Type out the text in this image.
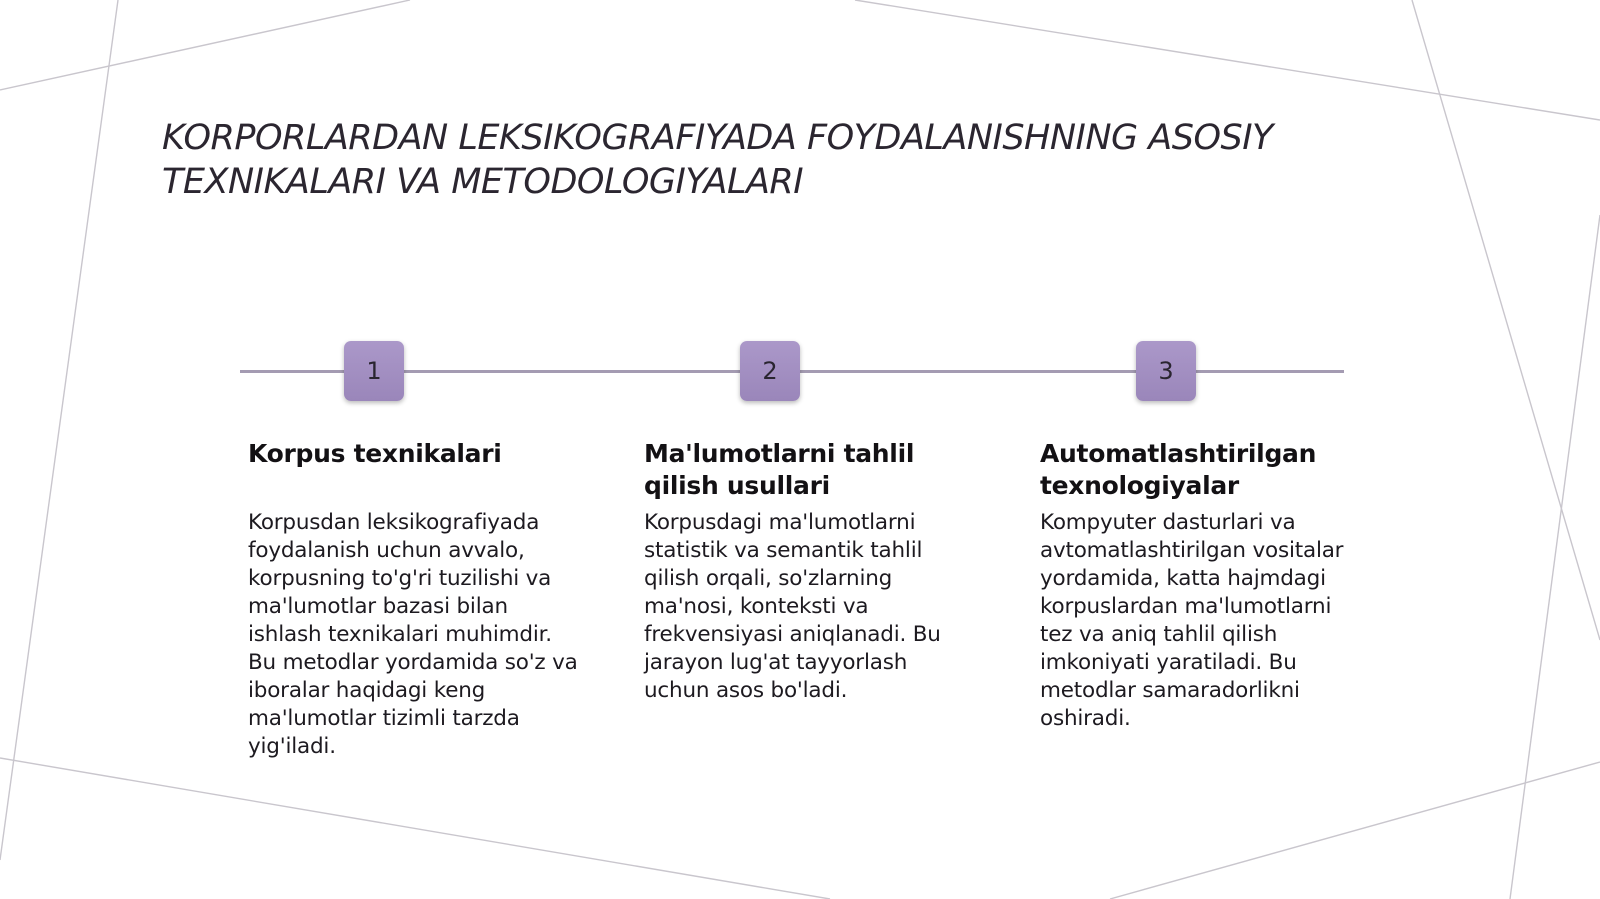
KORPORLARDAN LEKSIKOGRAFIYADA FOYDALANISHNING ASOSIY TEXNIKALARI VA METODOLOGIYALARI
1	2	3
Korpus texnikalari	Ma'lumotlarni tahlil qilish usullari
Automatlashtirilgan texnologiyalar

Korpusdan leksikografiyada foydalanish uchun avvalo, korpusning to'g'ri tuzilishi va ma'lumotlar bazasi bilan ishlash texnikalari muhimdir. Bu metodlar yordamida so'z va iboralar haqidagi keng ma'lumotlar tizimli tarzda yig'iladi.

Korpusdagi ma'lumotlarni statistik va semantik tahlil qilish orqali, so'zlarning ma'nosi, konteksti va frekvensiyasi aniqlanadi. Bu jarayon lug'at tayyorlash uchun asos bo'ladi.

Kompyuter dasturlari va avtomatlashtirilgan vositalar yordamida, katta hajmdagi korpuslardan ma'lumotlarni tez va aniq tahlil qilish imkoniyati yaratiladi. Bu metodlar samaradorlikni oshiradi.
